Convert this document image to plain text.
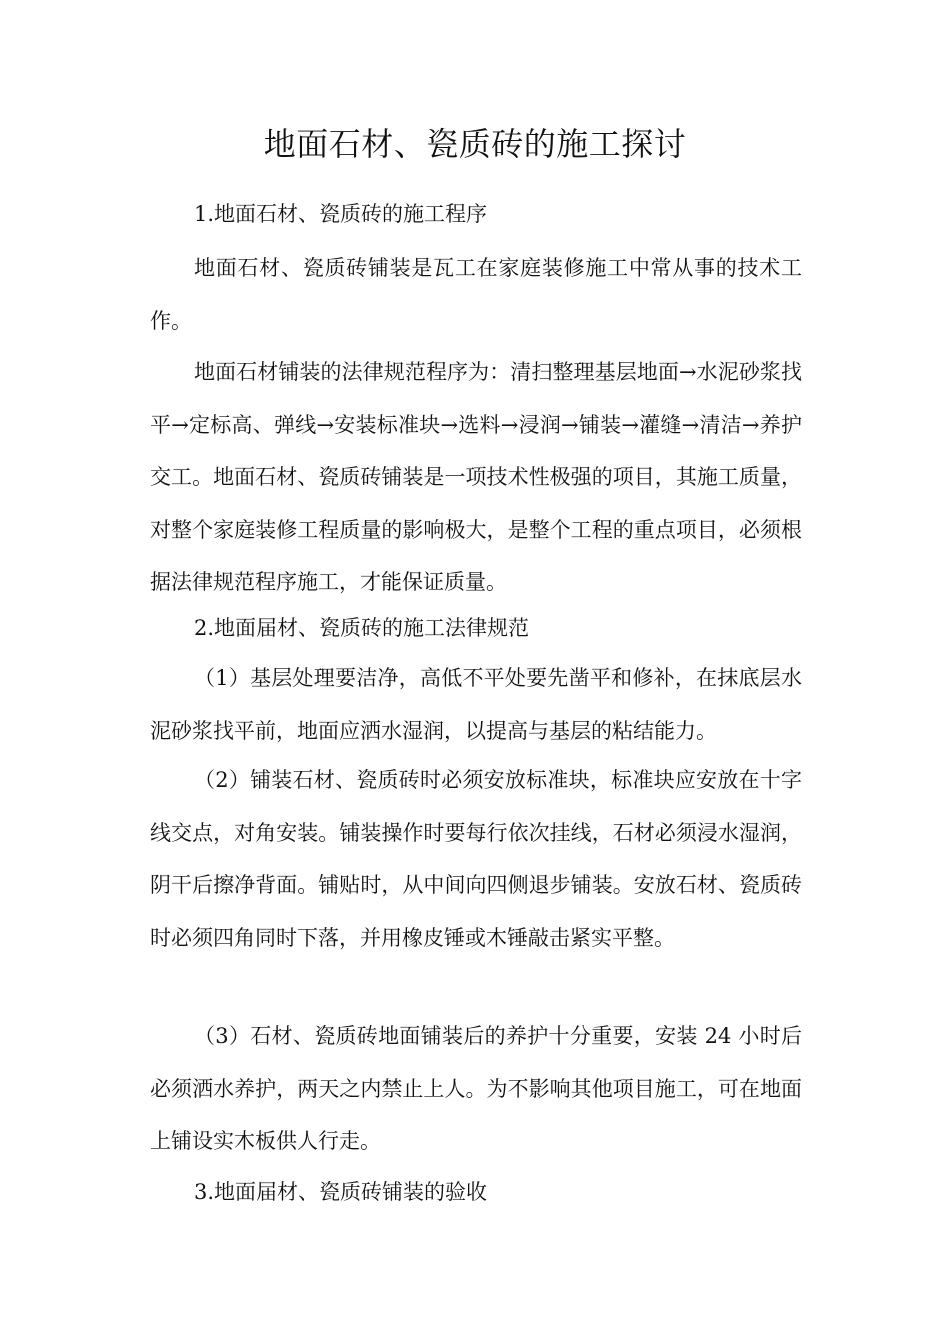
地面石材、瓷质砖的施工探讨

1.地面石材、瓷质砖的施工程序

地面石材、瓷质砖铺装是瓦工在家庭装修施工中常从事的技术工作。

地面石材铺装的法律规范程序为：清扫整理基层地面→水泥砂浆找平→定标高、弹线→安装标准块→选料→浸润→铺装→灌缝→清洁→养护交工。地面石材、瓷质砖铺装是一项技术性极强的项目，其施工质量，对整个家庭装修工程质量的影响极大，是整个工程的重点项目，必须根据法律规范程序施工，才能保证质量。

2.地面届材、瓷质砖的施工法律规范

（1）基层处理要洁净，高低不平处要先凿平和修补，在抹底层水泥砂浆找平前，地面应洒水湿润，以提高与基层的粘结能力。

（2）铺装石材、瓷质砖时必须安放标准块，标准块应安放在十字线交点，对角安装。铺装操作时要每行依次挂线，石材必须浸水湿润，阴干后擦净背面。铺贴时，从中间向四侧退步铺装。安放石材、瓷质砖时必须四角同时下落，并用橡皮锤或木锤敲击紧实平整。

（3）石材、瓷质砖地面铺装后的养护十分重要，安装 24 小时后必须洒水养护，两天之内禁止上人。为不影响其他项目施工，可在地面上铺设实木板供人行走。

3.地面届材、瓷质砖铺装的验收
